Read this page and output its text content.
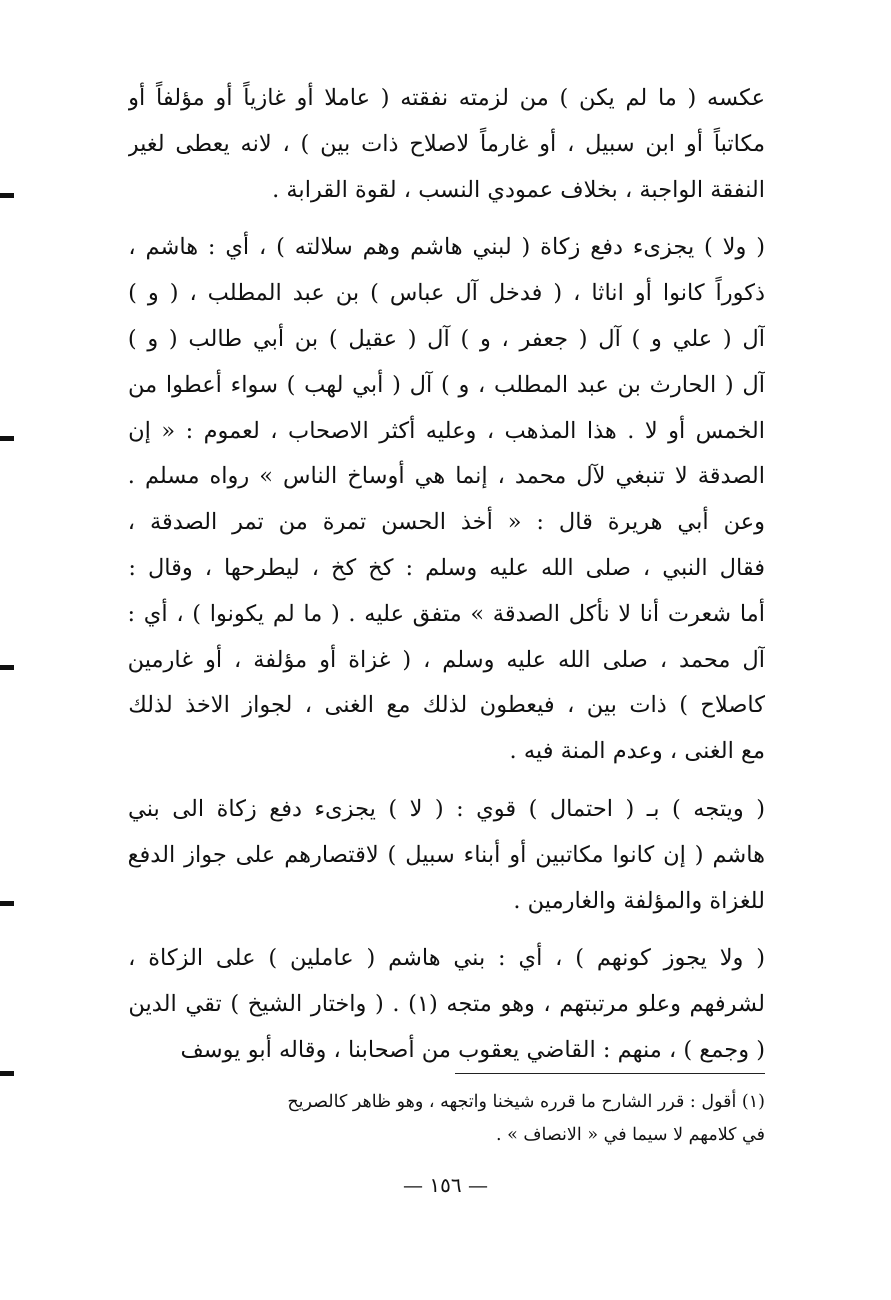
عكسه ( ما لم يكن ) من لزمته نفقته ( عاملا أو غازياً أو مؤلفاً أو
مكاتباً أو ابن سبيل ، أو غارماً لاصلاح ذات بين ) ، لانه يعطى لغير
النفقة الواجبة ، بخلاف عمودي النسب ، لقوة القرابة .
( ولا ) يجزىء دفع زكاة ( لبني هاشم وهم سلالته ) ، أي : هاشم ،
ذكوراً كانوا أو اناثا ، ( فدخل آل عباس ) بن عبد المطلب ، ( و )
آل ( علي و ) آل ( جعفر ، و ) آل ( عقيل ) بن أبي طالب ( و )
آل ( الحارث بن عبد المطلب ، و ) آل ( أبي لهب ) سواء أعطوا من
الخمس أو لا . هذا المذهب ، وعليه أكثر الاصحاب ، لعموم : « إن
الصدقة لا تنبغي لآل محمد ، إنما هي أوساخ الناس » رواه مسلم .
وعن أبي هريرة قال : « أخذ الحسن تمرة من تمر الصدقة ،
فقال النبي ، صلى الله عليه وسلم : كخ كخ ، ليطرحها ، وقال :
أما شعرت أنا لا نأكل الصدقة » متفق عليه . ( ما لم يكونوا ) ، أي :
آل محمد ، صلى الله عليه وسلم ، ( غزاة أو مؤلفة ، أو غارمين
كاصلاح ) ذات بين ، فيعطون لذلك مع الغنى ، لجواز الاخذ لذلك
مع الغنى ، وعدم المنة فيه .
( ويتجه ) بـ ( احتمال ) قوي : ( لا ) يجزىء دفع زكاة الى بني
هاشم ( إن كانوا مكاتبين أو أبناء سبيل ) لاقتصارهم على جواز الدفع
للغزاة والمؤلفة والغارمين .
( ولا يجوز كونهم ) ، أي : بني هاشم ( عاملين ) على الزكاة ،
لشرفهم وعلو مرتبتهم ، وهو متجه (١) . ( واختار الشيخ ) تقي الدين
( وجمع ) ، منهم : القاضي يعقوب من أصحابنا ، وقاله أبو يوسف
(١) أقول : قرر الشارح ما قرره شيخنا واتجهه ، وهو ظاهر كالصريح
في كلامهم لا سيما في « الانصاف » .
— ١٥٦ —
